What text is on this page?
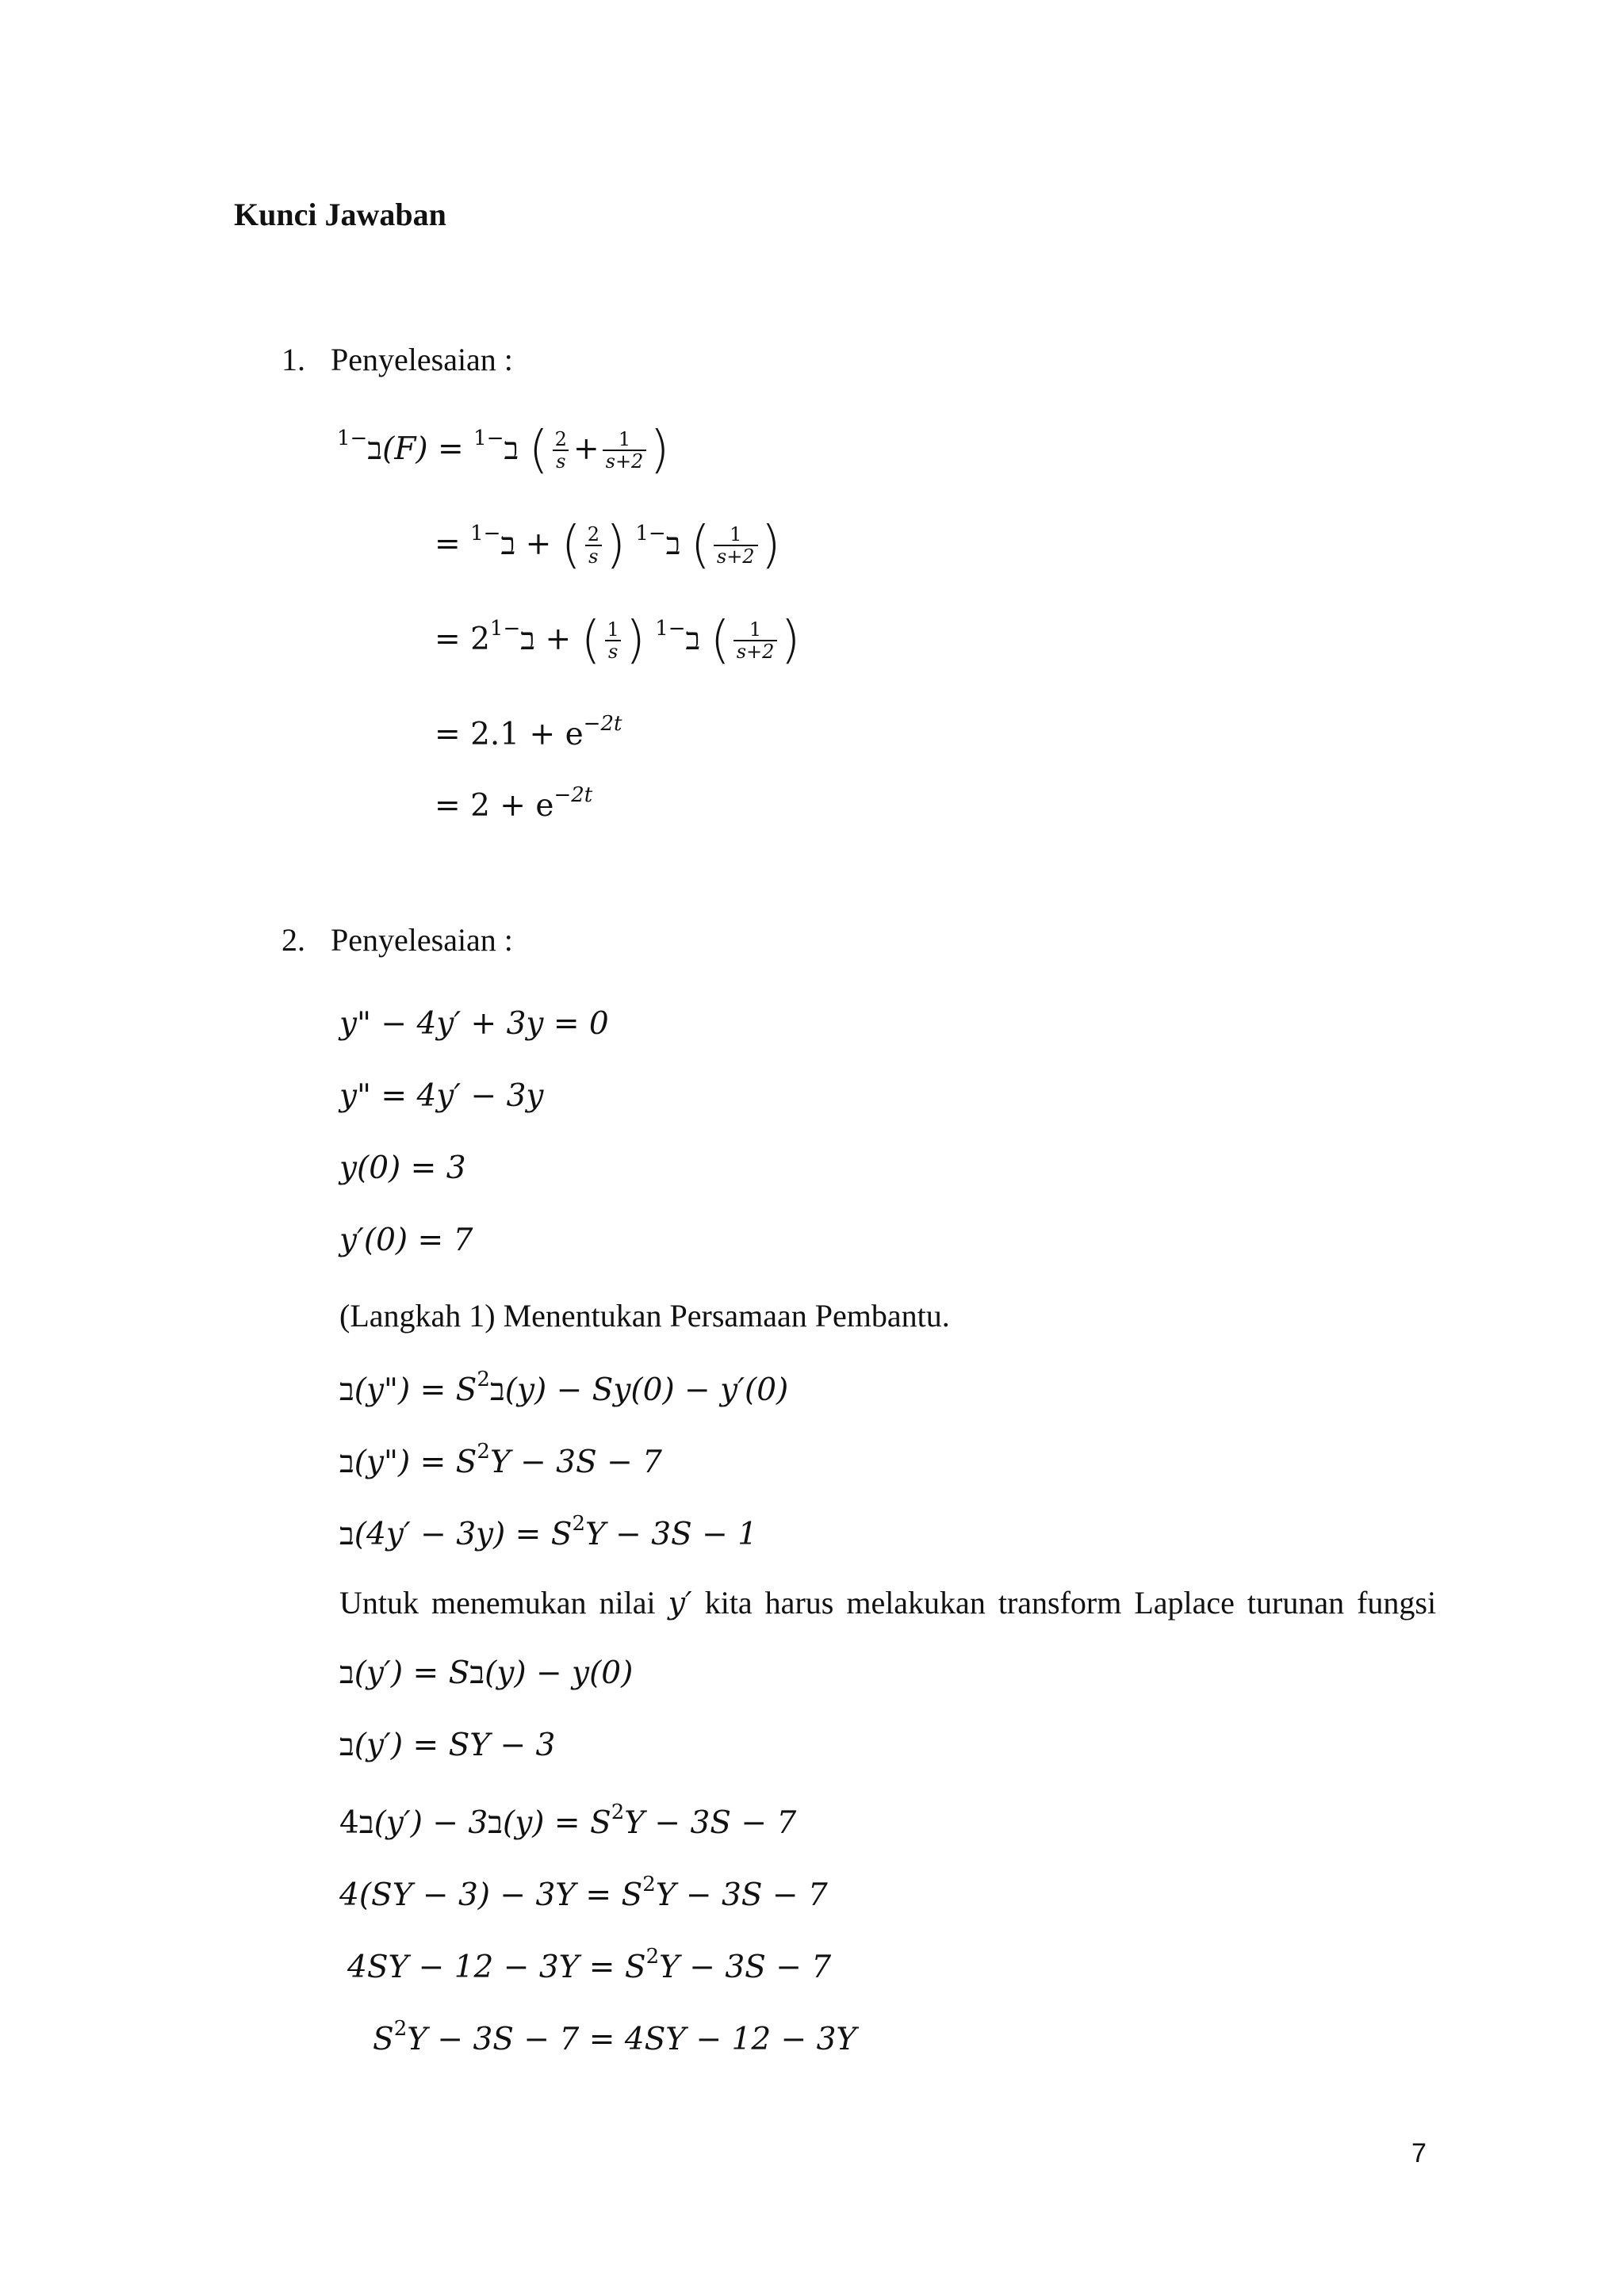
Kunci Jawaban
1. Penyelesaian :
ב$^{-1}$ (F) = ב$^{-1}$ ( $\frac{2}{s} + \frac{1}{s+2}$ )
=	ב$^{-1}$ (
$\frac{2}{s}$
) + ב$^{-1}$	( $\frac{1}{s+2}$ )
= 2	ב$^{-1}$ (
$\frac{1}{s}$
) + ב$^{-1}$	( $\frac{1}{s+2}$ )
= $2.1 + e^{-2t}$
= $2 + e^{-2t}$
2. Penyelesaian :
y" − 4y′ + 3y = 0
y" = 4y′ − 3y
y(0) = 3
y′(0) = 7
(Langkah 1) Menentukan Persamaan Pembantu.
ב(y") = $S^2ב(y) - Sy(0) - y'(0)$
ב(y") = $S^2Y - 3S - 7$
ב(4y′ − $3y) = S^2Y - 3S - 1$
Untuk menemukan nilai y′ kita harus melakukan transform Laplace turunan fungsi
ב(y′) = Sב(y) − y(0)
ב(y′) = SY − 3
4ב(y′) − 3ב(y) = $S^2Y - 3S - 7$
$4(SY - 3) - 3Y = S^2Y - 3S - 7$
$4SY - 12 - 3Y = S^2Y - 3S - 7$
$S^2Y - 3S - 7 = 4SY - 12 - 3Y$
7
